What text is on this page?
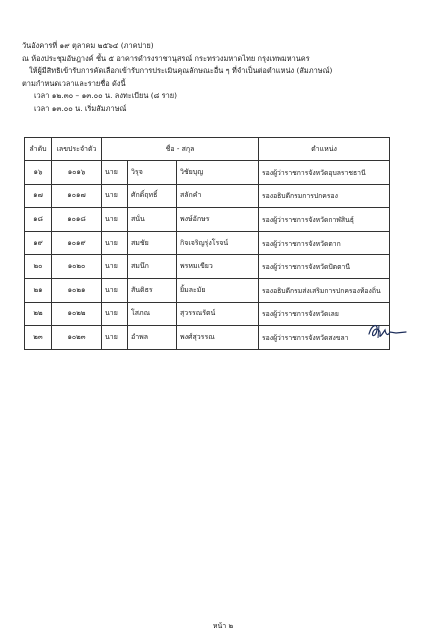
วันอังคารที่ ๑๙ ตุลาคม ๒๕๖๔ (ภาคบ่าย)
ณ ห้องประชุมอัษฎางค์ ชั้น ๕ อาคารดำรงราชานุสรณ์ กระทรวงมหาดไทย กรุงเทพมหานคร
ให้ผู้มีสิทธิเข้ารับการคัดเลือกเข้ารับการประเมินคุณลักษณะอื่น ๆ ที่จำเป็นต่อตำแหน่ง (สัมภาษณ์)
ตามกำหนดเวลาและรายชื่อ ดังนี้
เวลา ๑๒.๓๐ – ๑๓.๐๐ น. ลงทะเบียน (๘ ราย)
เวลา ๑๓.๐๐ น. เริ่มสัมภาษณ์
ลำดับ	เลขประจำตัว	ชื่อ - สกุล			ตำแหน่ง
๑๖	๑๐๑๖	นาย	วิรุจ	วิชัยบุญ	รองผู้ว่าราชการจังหวัดอุบลราชธานี
๑๗	๑๐๑๗	นาย	ศักดิ์ฤทธิ์	สลักคำ	รองอธิบดีกรมการปกครอง
๑๘	๑๐๑๘	นาย	สนั่น	พงษ์อักษร	รองผู้ว่าราชการจังหวัดกาฬสินธุ์
๑๙	๑๐๑๙	นาย	สมชัย	กิจเจริญรุ่งโรจน์	รองผู้ว่าราชการจังหวัดตาก
๒๐	๑๐๒๐	นาย	สมนึก	พรหมเขียว	รองผู้ว่าราชการจังหวัดปัตตานี
๒๑	๑๐๒๑	นาย	สันติธร	ยิ้มละมัย	รองอธิบดีกรมส่งเสริมการปกครองท้องถิ่น
๒๒	๑๐๒๒	นาย	โสภณ	สุวรรณรัตน์	รองผู้ว่าราชการจังหวัดเลย
๒๓	๑๐๒๓	นาย	อำพล	พงศ์สุวรรณ	รองผู้ว่าราชการจังหวัดสงขลา
หน้า ๒
